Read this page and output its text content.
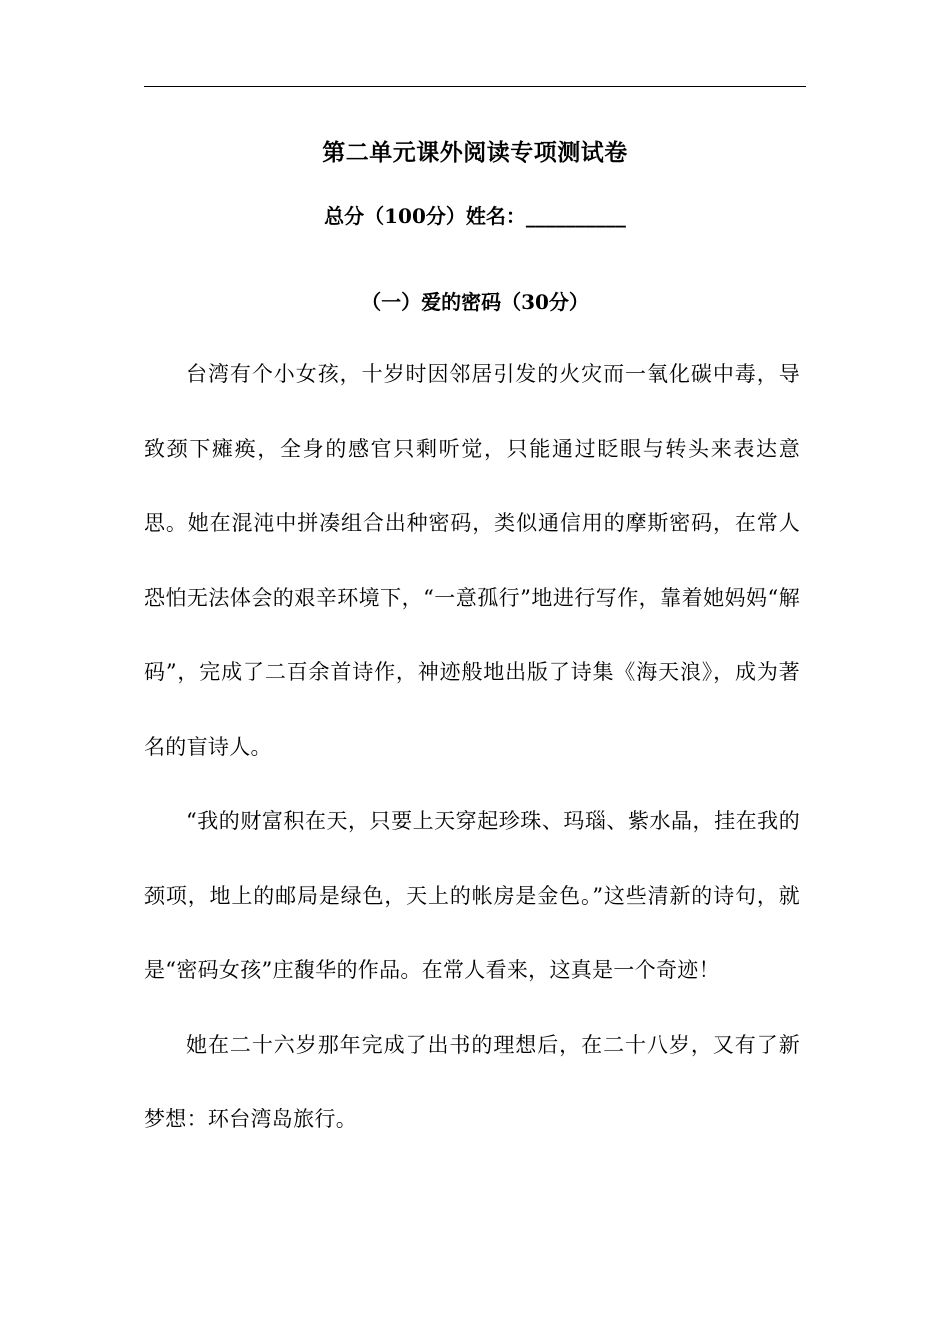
第二单元课外阅读专项测试卷
总分（100分）姓名：__________
（一）爱的密码（30分）

台湾有个小女孩，十岁时因邻居引发的火灾而一氧化碳中毒，导致颈下瘫痪，全身的感官只剩听觉，只能通过眨眼与转头来表达意思。她在混沌中拼凑组合出种密码，类似通信用的摩斯密码，在常人恐怕无法体会的艰辛环境下，“一意孤行”地进行写作，靠着她妈妈“解码”，完成了二百余首诗作，神迹般地出版了诗集《海天浪》，成为著名的盲诗人。

“我的财富积在天，只要上天穿起珍珠、玛瑙、紫水晶，挂在我的颈项，地上的邮局是绿色，天上的帐房是金色。”这些清新的诗句，就是“密码女孩”庄馥华的作品。在常人看来，这真是一个奇迹！

她在二十六岁那年完成了出书的理想后，在二十八岁，又有了新梦想：环台湾岛旅行。
